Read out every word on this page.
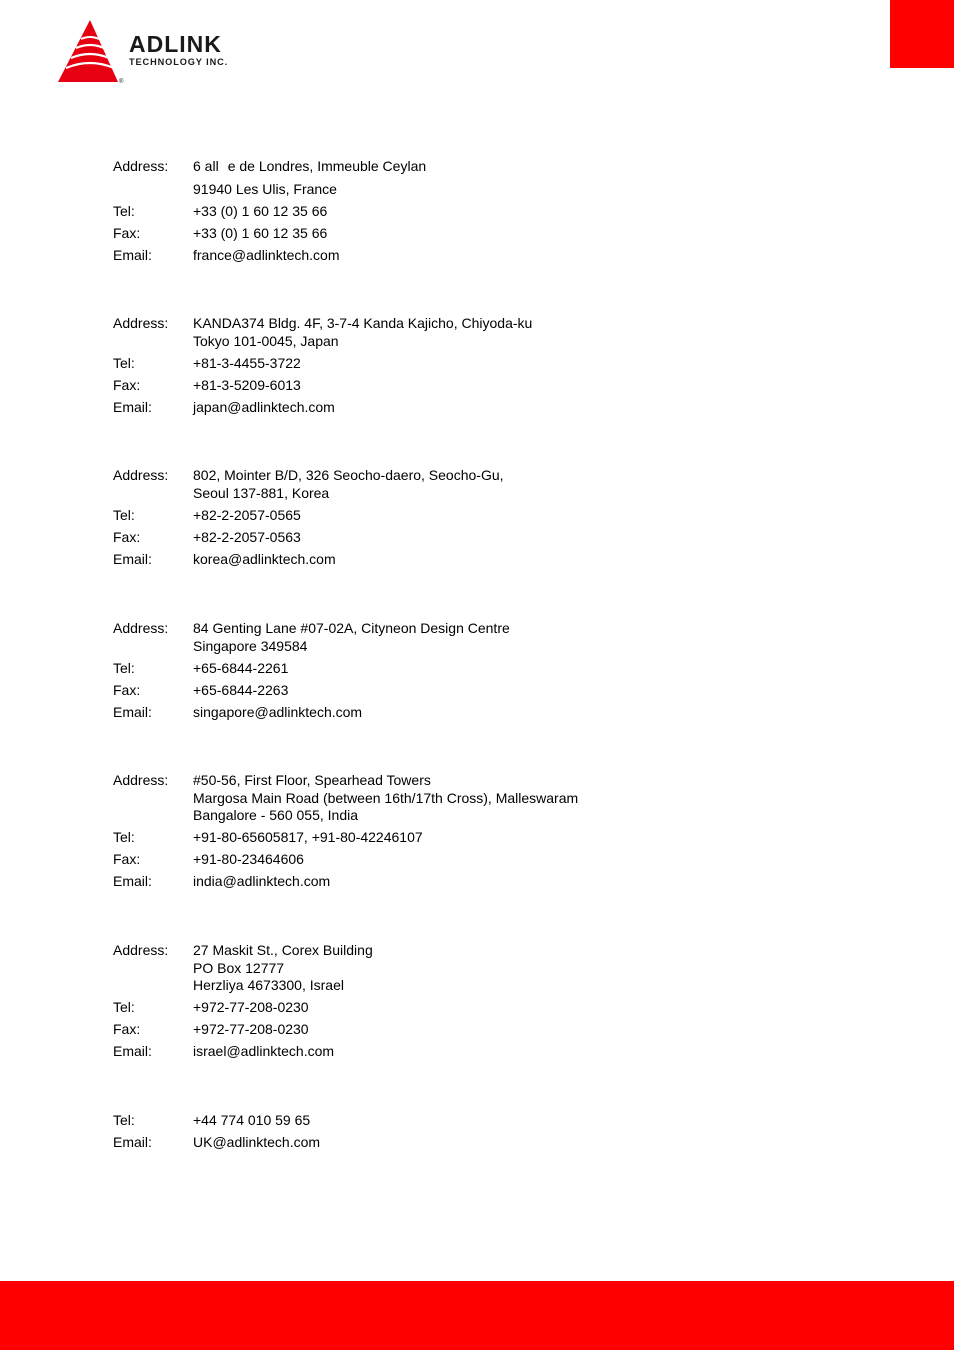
ADLINK
TECHNOLOGY INC.
®
Address:	6 all e de Londres, Immeuble Ceylan
91940 Les Ulis, France
Tel:	+33 (0) 1 60 12 35 66
Fax:	+33 (0) 1 60 12 35 66
Email:	france@adlinktech.com
Address:	KANDA374 Bldg. 4F, 3-7-4 Kanda Kajicho, Chiyoda-ku
Tokyo 101-0045, Japan
Tel:	+81-3-4455-3722
Fax:	+81-3-5209-6013
Email:	japan@adlinktech.com
Address:	802, Mointer B/D, 326 Seocho-daero, Seocho-Gu,
Seoul 137-881, Korea
Tel:	+82-2-2057-0565
Fax:	+82-2-2057-0563
Email:	korea@adlinktech.com
Address:	84 Genting Lane #07-02A, Cityneon Design Centre
Singapore 349584
Tel:	+65-6844-2261
Fax:	+65-6844-2263
Email:	singapore@adlinktech.com
Address:	#50-56, First Floor, Spearhead Towers
Margosa Main Road (between 16th/17th Cross), Malleswaram
Bangalore - 560 055, India
Tel:	+91-80-65605817, +91-80-42246107
Fax:	+91-80-23464606
Email:	india@adlinktech.com
Address:	27 Maskit St., Corex Building
PO Box 12777
Herzliya 4673300, Israel
Tel:	+972-77-208-0230
Fax:	+972-77-208-0230
Email:	israel@adlinktech.com
Tel:	+44 774 010 59 65
Email:	UK@adlinktech.com
